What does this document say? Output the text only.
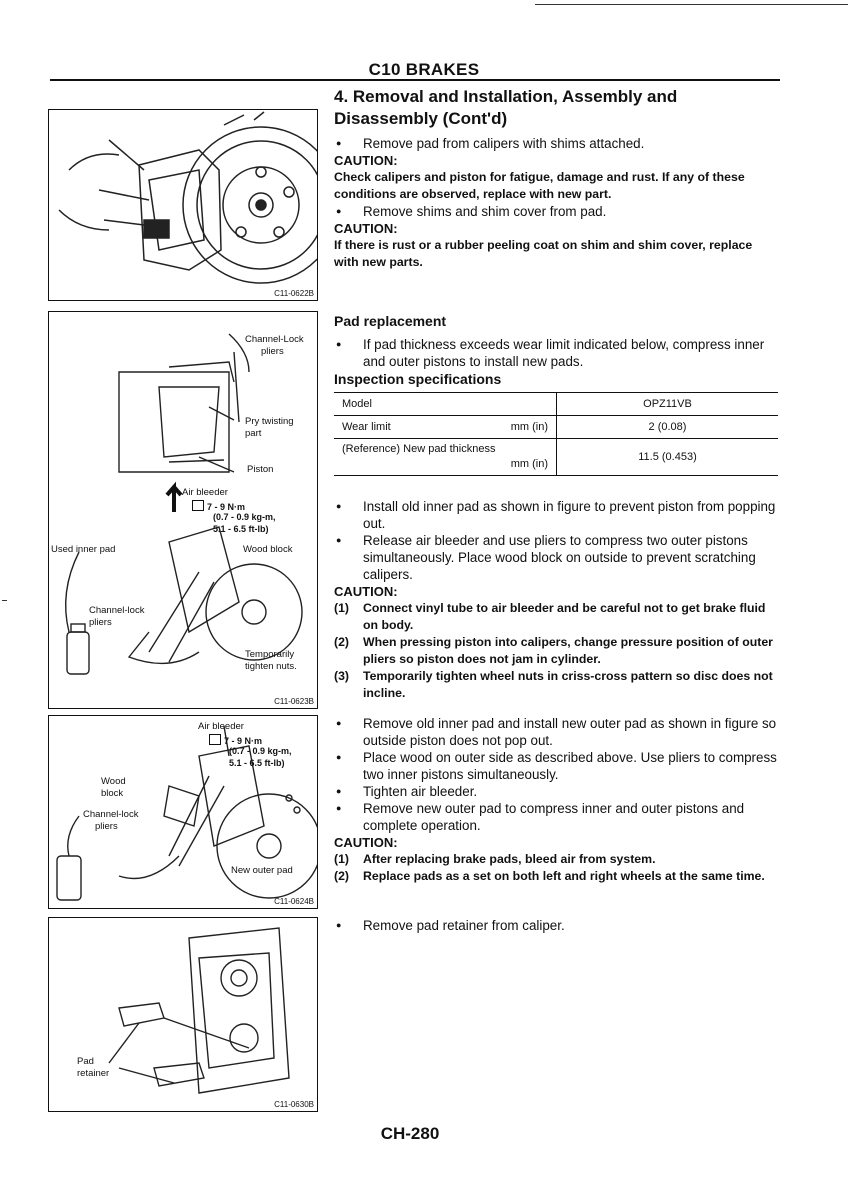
C10 BRAKES
C11-0622B
Channel-Lock
pliers
Pry twisting
part
Piston
Air bleeder
7 - 9 N·m
(0.7 - 0.9 kg-m,
5.1 - 6.5 ft-lb)
Used inner pad	Wood block
Channel-lock
pliers
Temporarily
tighten nuts.
C11-0623B
Air bleeder
7 - 9 N·m
(0.7 - 0.9 kg-m,
5.1 - 6.5 ft-lb)
Wood
block
Channel-lock
pliers
New outer pad
C11-0624B
Pad
retainer
C11-0630B
4. Removal and Installation, Assembly and Disassembly (Cont'd)
● Remove pad from calipers with shims attached.
CAUTION:
Check calipers and piston for fatigue, damage and rust. If any of these conditions are observed, replace with new part.
● Remove shims and shim cover from pad.
CAUTION:
If there is rust or a rubber peeling coat on shim and shim cover, replace with new parts.
Pad replacement
● If pad thickness exceeds wear limit indicated below, compress inner and outer pistons to install new pads.
Inspection specifications
Model	OPZ11VB
Wear limit mm (in)	2 (0.08)

(Reference) New pad thickness
mm (in)	11.5 (0.453)
● Install old inner pad as shown in figure to prevent piston from popping out.
● Release air bleeder and use pliers to compress two outer pistons simultaneously. Place wood block on outside to prevent scratching calipers.
CAUTION:
(1) Connect vinyl tube to air bleeder and be careful not to get brake fluid on body.
(2) When pressing piston into calipers, change pressure position of outer pliers so piston does not jam in cylinder.
(3) Temporarily tighten wheel nuts in criss-cross pattern so disc does not incline.
● Remove old inner pad and install new outer pad as shown in figure so outside piston does not pop out.
● Place wood on outer side as described above. Use pliers to compress two inner pistons simultaneously.
● Tighten air bleeder.
● Remove new outer pad to compress inner and outer pistons and complete operation.
CAUTION:
(1) After replacing brake pads, bleed air from system.
(2) Replace pads as a set on both left and right wheels at the same time.
● Remove pad retainer from caliper.
CH-280
